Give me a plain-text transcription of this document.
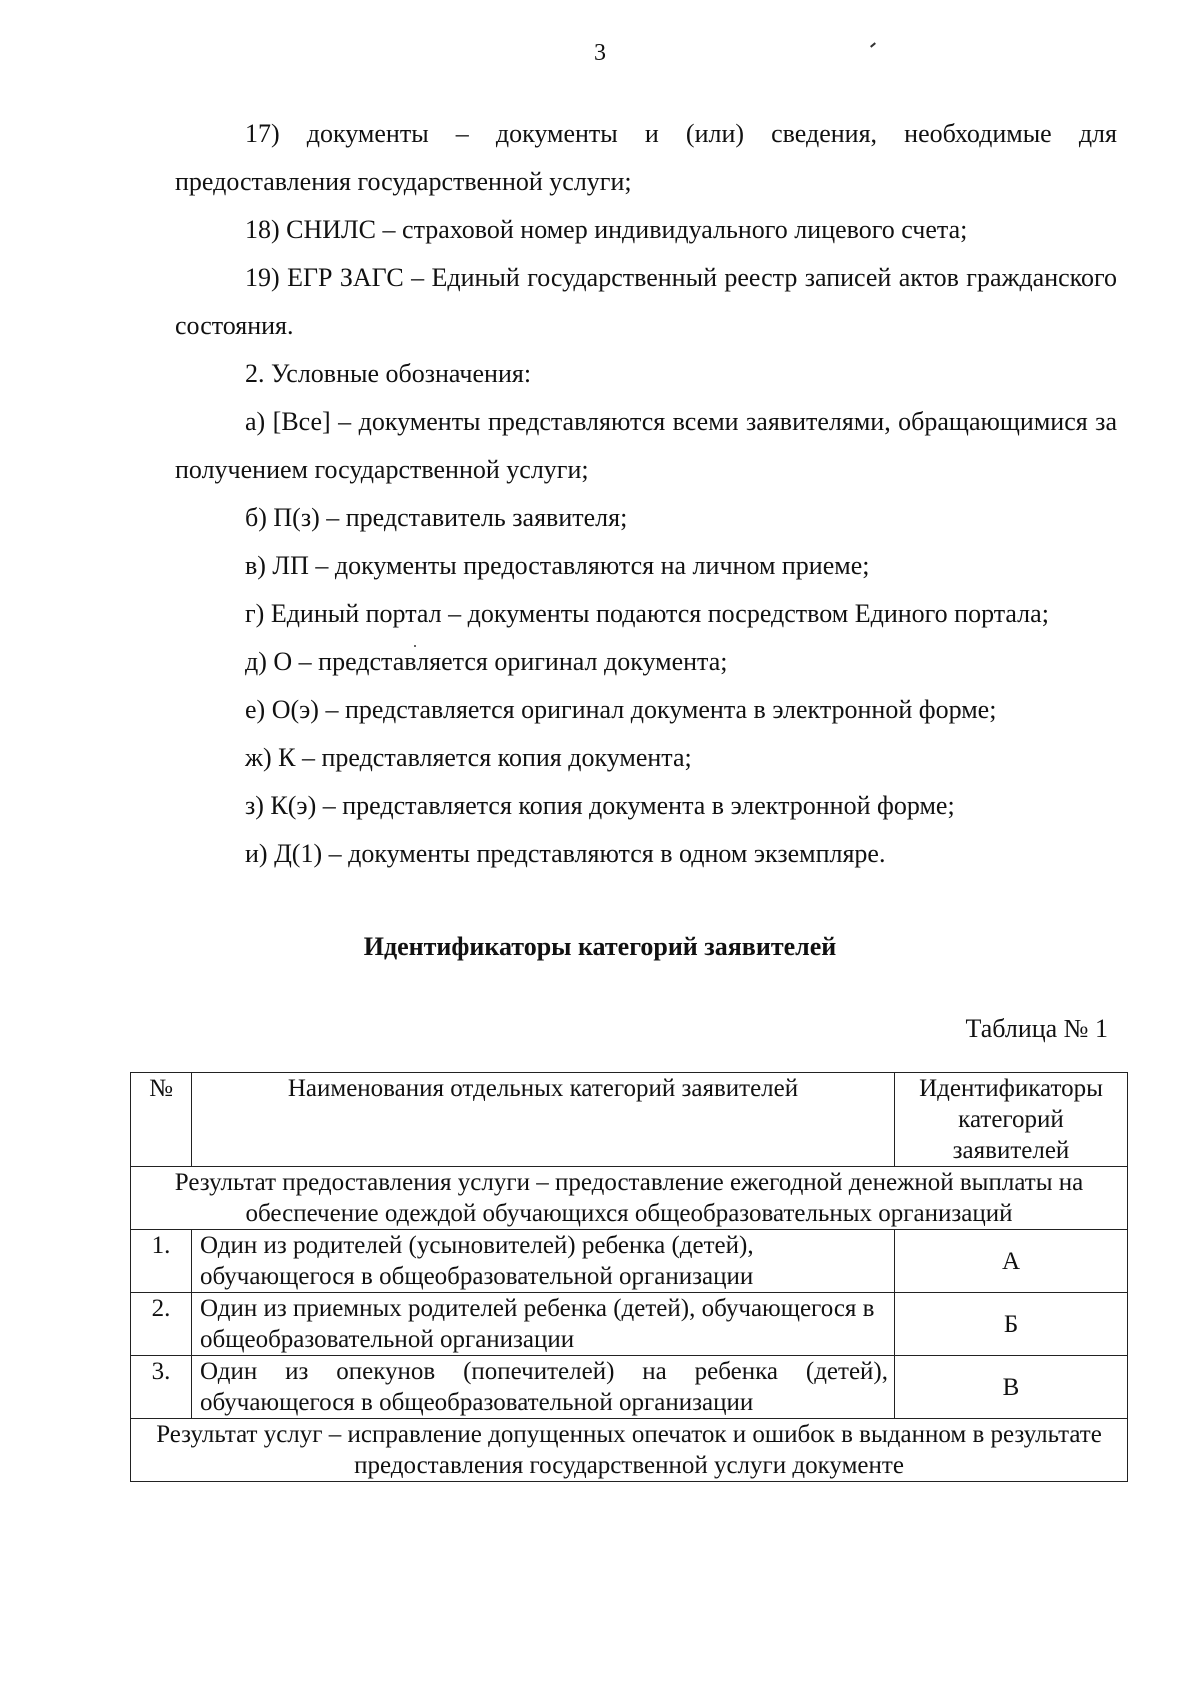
3

17) документы – документы и (или) сведения, необходимые для предоставления государственной услуги;

18) СНИЛС – страховой номер индивидуального лицевого счета;

19) ЕГР ЗАГС – Единый государственный реестр записей актов гражданского состояния.

2. Условные обозначения:

а) [Все] – документы представляются всеми заявителями, обращающимися за получением государственной услуги;

б) П(з) – представитель заявителя;

в) ЛП – документы предоставляются на личном приеме;

г) Единый портал – документы подаются посредством Единого портала;

д) О – представляется оригинал документа;

е) О(э) – представляется оригинал документа в электронной форме;

ж) К – представляется копия документа;

з) К(э) – представляется копия документа в электронной форме;

и) Д(1) – документы представляются в одном экземпляре.

Идентификаторы категорий заявителей
Таблица № 1
№	Наименования отдельных категорий заявителей	Идентификаторы категорий заявителей
Результат предоставления услуги – предоставление ежегодной денежной выплаты на обеспечение одеждой обучающихся общеобразовательных организаций		
1.	Один из родителей (усыновителей) ребенка (детей), обучающегося в общеобразовательной организации	А
2.	Один из приемных родителей ребенка (детей), обучающегося в общеобразовательной организации	Б
3.	Один из опекунов (попечителей) на ребенка (детей), обучающегося в общеобразовательной организации	В
Результат услуг – исправление допущенных опечаток и ошибок в выданном в результате предоставления государственной услуги документе		
